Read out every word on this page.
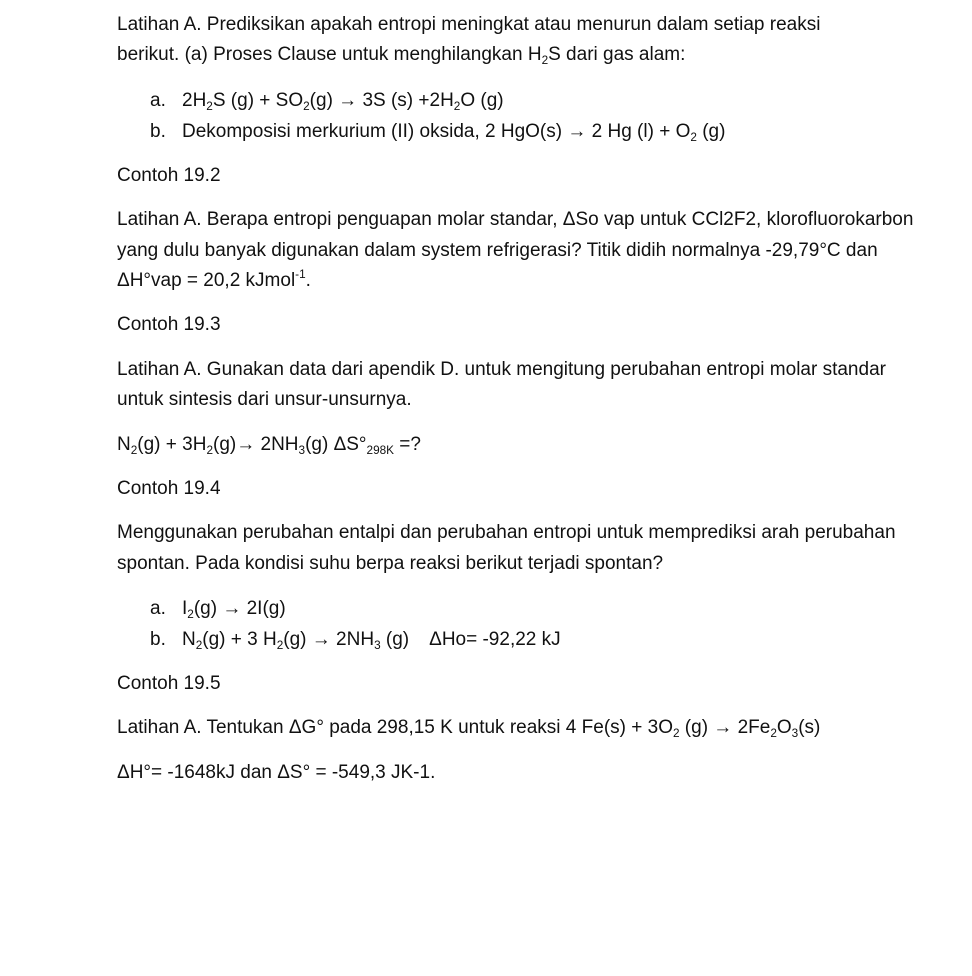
Latihan A. Prediksikan apakah entropi meningkat atau menurun dalam setiap reaksi
berikut. (a) Proses Clause untuk menghilangkan $H_2S$ dari gas alam:

a. $2H_2S$ $(g) + SO_2(g) \to 3S$ $(s) +2H_2O$ (g)
b. Dekomposisi merkurium (II) oksida, 2 HgO(s) → 2 Hg $(l) + O_2$ (g)

Contoh 19.2

Latihan A. Berapa entropi penguapan molar standar, ΔSo vap untuk CCl2F2, klorofluorokarbon yang dulu banyak digunakan dalam system refrigerasi? Titik didih normalnya -29,79°C dan ΔH°vap = 20,2 kJmol$^{-1}$.

Contoh 19.3

Latihan A. Gunakan data dari apendik D. untuk mengitung perubahan entropi molar standar untuk sintesis dari unsur-unsurnya.

$N_2(g) + 3H_2(g)\to 2NH_3(g)$ $\Delta S^\circ_{298K}$ =?

Contoh 19.4

Menggunakan perubahan entalpi dan perubahan entropi untuk memprediksi arah perubahan spontan. Pada kondisi suhu berpa reaksi berikut terjadi spontan?

a. $I_2(g) \to 2I(g)$
b. $N_2(g) + 3$ $H_2(g) \to 2NH_3$ (g) ΔHo= -92,22 kJ

Contoh 19.5

Latihan A. Tentukan ΔG° pada 298,15 K untuk reaksi 4 $Fe(s) + 3O_2$ $(g) \to 2Fe_2O_3(s)$

ΔH°= -1648kJ dan ΔS° = -549,3 JK-1.
